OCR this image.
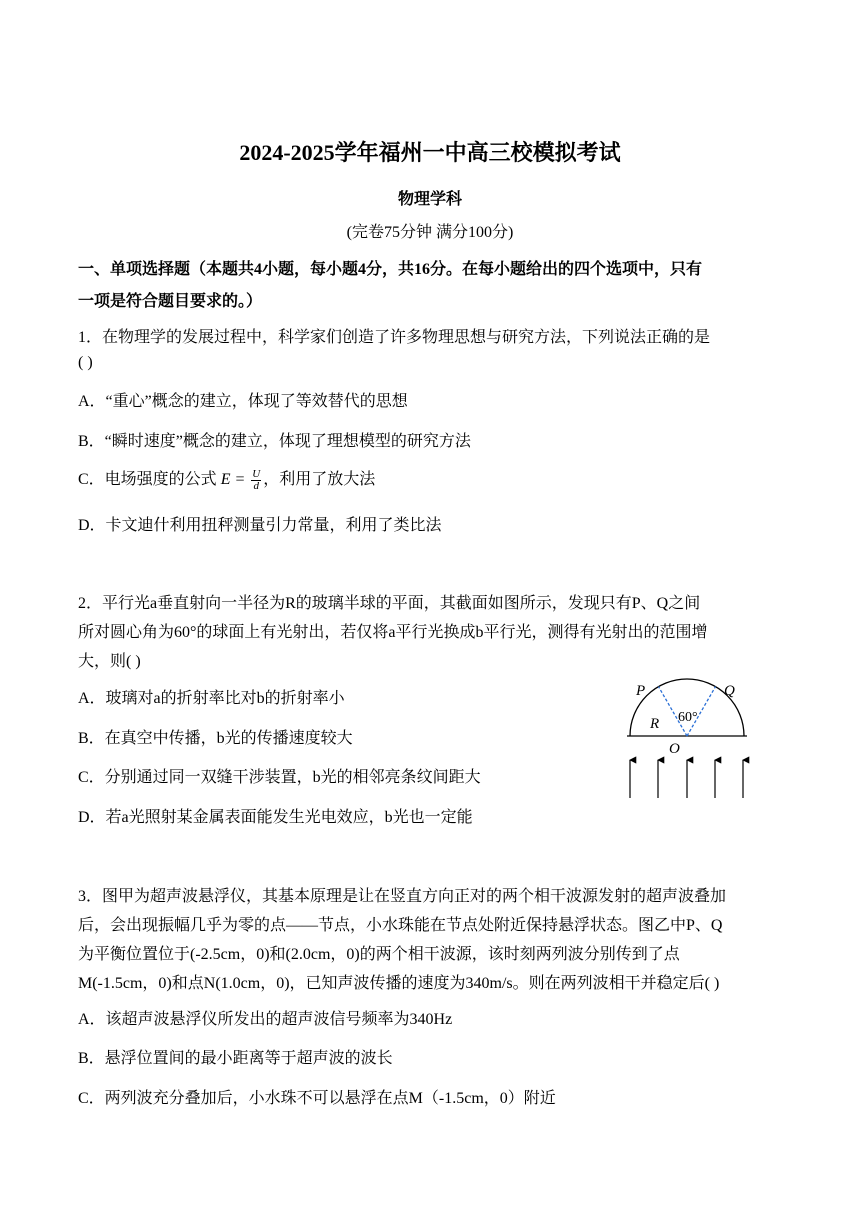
2024-2025学年福州一中高三校模拟考试
物理学科
(完卷75分钟 满分100分)
一、单项选择题（本题共4小题，每小题4分，共16分。在每小题给出的四个选项中，只有
一项是符合题目要求的。）
1．在物理学的发展过程中，科学家们创造了许多物理思想与研究方法，下列说法正确的是
( )
A．“重心”概念的建立，体现了等效替代的思想
B．“瞬时速度”概念的建立，体现了理想模型的研究方法
C．电场强度的公式 $E = \frac{U}{d}$ ，利用了放大法
D．卡文迪什利用扭秤测量引力常量，利用了类比法
2．平行光a垂直射向一半径为R的玻璃半球的平面，其截面如图所示，发现只有P、Q之间
所对圆心角为60°的球面上有光射出，若仅将a平行光换成b平行光，测得有光射出的范围增
大，则( )
A．玻璃对a的折射率比对b的折射率小
B．在真空中传播，b光的传播速度较大
C．分别通过同一双缝干涉装置，b光的相邻亮条纹间距大
D．若a光照射某金属表面能发生光电效应，b光也一定能
P	Q
R
O
60°
3．图甲为超声波悬浮仪，其基本原理是让在竖直方向正对的两个相干波源发射的超声波叠加
后，会出现振幅几乎为零的点——节点，小水珠能在节点处附近保持悬浮状态。图乙中P、Q
为平衡位置位于(-2.5cm，0)和(2.0cm，0)的两个相干波源，该时刻两列波分别传到了点
M(-1.5cm，0)和点N(1.0cm，0)，已知声波传播的速度为340m/s。则在两列波相干并稳定后( )
A．该超声波悬浮仪所发出的超声波信号频率为340Hz
B．悬浮位置间的最小距离等于超声波的波长
C．两列波充分叠加后，小水珠不可以悬浮在点M（-1.5cm，0）附近
